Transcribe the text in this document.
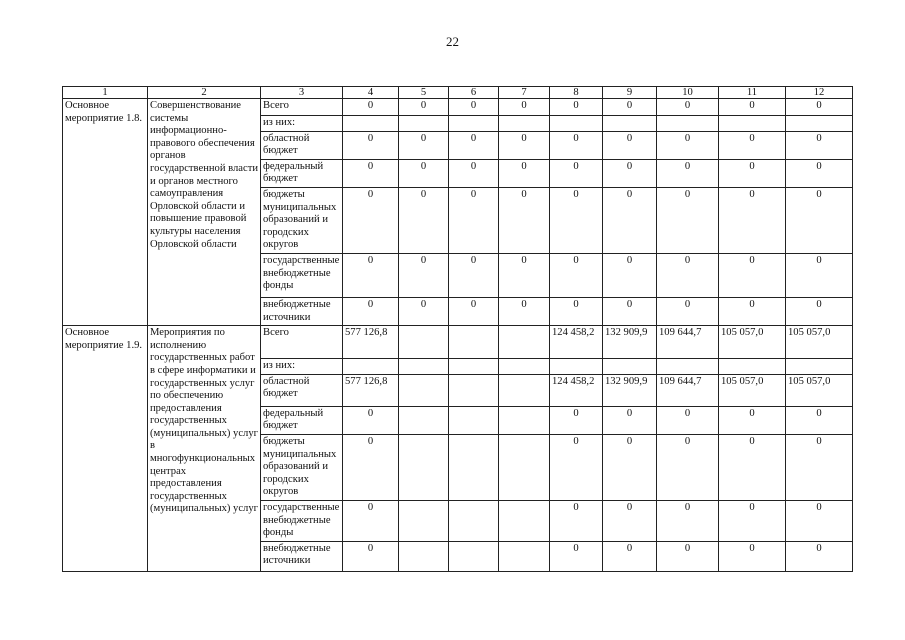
22
1	2	3	4	5	6	7	8	9	10	11	12
Основное мероприятие 1.8.	Совершенствование системы информационно-правового обеспечения органов государственной власти и органов местного самоуправления Орловской области и повышение правовой культуры населения Орловской области	Всего	0	0	0	0	0	0	0	0	0
		из них:									
		областной бюджет	0	0	0	0	0	0	0	0	0
		федеральный бюджет	0	0	0	0	0	0	0	0	0
		бюджеты муниципальных образований и городских округов	0	0	0	0	0	0	0	0	0
		государственные внебюджетные фонды	0	0	0	0	0	0	0	0	0
		внебюджетные источники	0	0	0	0	0	0	0	0	0
Основное мероприятие 1.9.	Мероприятия по исполнению государственных работ в сфере информатики и государственных услуг по обеспечению предоставления государственных (муниципальных) услуг в многофункциональных центрах предоставления государственных (муниципальных) услуг	Всего	577 126,8				124 458,2	132 909,9	109 644,7	105 057,0	105 057,0
		из них:									
		областной бюджет	577 126,8				124 458,2	132 909,9	109 644,7	105 057,0	105 057,0
		федеральный бюджет	0				0	0	0	0	0
		бюджеты муниципальных образований и городских округов	0				0	0	0	0	0
		государственные внебюджетные фонды	0				0	0	0	0	0
		внебюджетные источники	0				0	0	0	0	0
